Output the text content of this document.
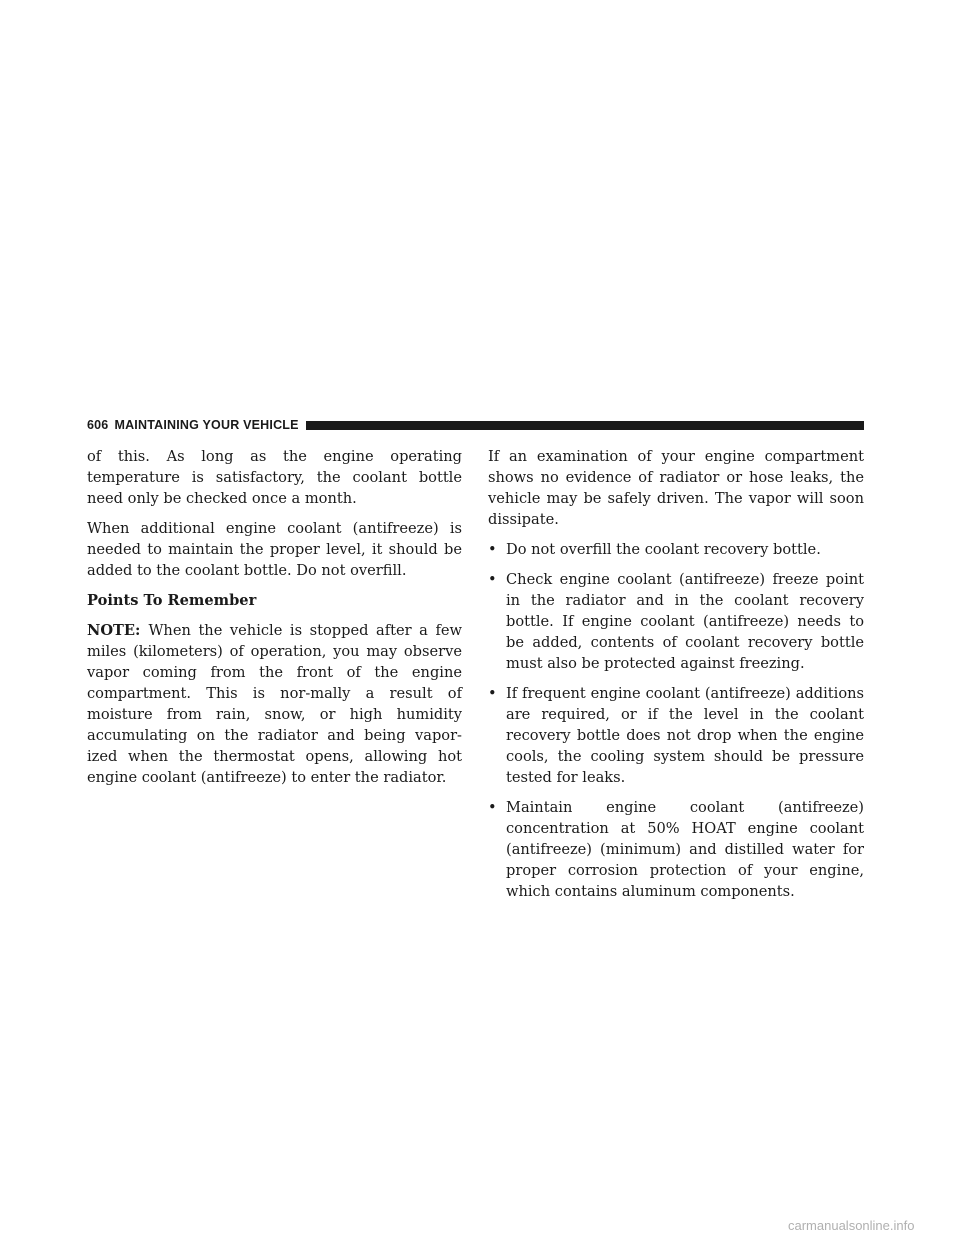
606 MAINTAINING YOUR VEHICLE

of this. As long as the engine operating temperature is satisfactory, the coolant bottle need only be checked once a month.

When additional engine coolant (antifreeze) is needed to maintain the proper level, it should be added to the coolant bottle. Do not overfill.

Points To Remember

NOTE: When the vehicle is stopped after a few miles (kilometers) of operation, you may observe vapor coming from the front of the engine compartment. This is nor-mally a result of moisture from rain, snow, or high humidity accumulating on the radiator and being vapor-ized when the thermostat opens, allowing hot engine coolant (antifreeze) to enter the radiator.

If an examination of your engine compartment shows no evidence of radiator or hose leaks, the vehicle may be safely driven. The vapor will soon dissipate.

• Do not overfill the coolant recovery bottle.
• Check engine coolant (antifreeze) freeze point in the radiator and in the coolant recovery bottle. If engine coolant (antifreeze) needs to be added, contents of coolant recovery bottle must also be protected against freezing.
• If frequent engine coolant (antifreeze) additions are required, or if the level in the coolant recovery bottle does not drop when the engine cools, the cooling system should be pressure tested for leaks.
• Maintain engine coolant (antifreeze) concentration at 50% HOAT engine coolant (antifreeze) (minimum) and distilled water for proper corrosion protection of your engine, which contains aluminum components.
carmanualsonline.info
